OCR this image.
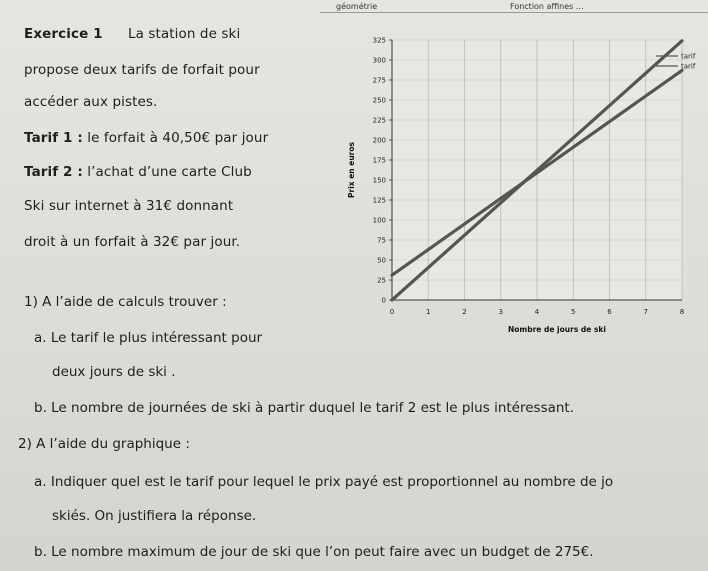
géométrie	Fonction affines ...
Exercice 1 La station de ski
propose deux tarifs de forfait pour
accéder aux pistes.
Tarif 1 : le forfait à 40,50€ par jour
Tarif 2 : l’achat d’une carte Club
Ski sur internet à 31€ donnant
droit à un forfait à 32€ par jour.
1) A l’aide de calculs trouver :
a. Le tarif le plus intéressant pour
deux jours de ski .
b. Le nombre de journées de ski à partir duquel le tarif 2 est le plus intéressant.
2) A l’aide du graphique :
a. Indiquer quel est le tarif pour lequel le prix payé est proportionnel au nombre de jo
skiés. On justifiera la réponse.
b. Le nombre maximum de jour de ski que l’on peut faire avec un budget de 275€.
0
25
50
75
100
125
150
175
200
225
250
275
300
325
0	1	2	3	4	5	6	7	8
Nombre de jours de ski
Prix en euros
tarif
tarif
